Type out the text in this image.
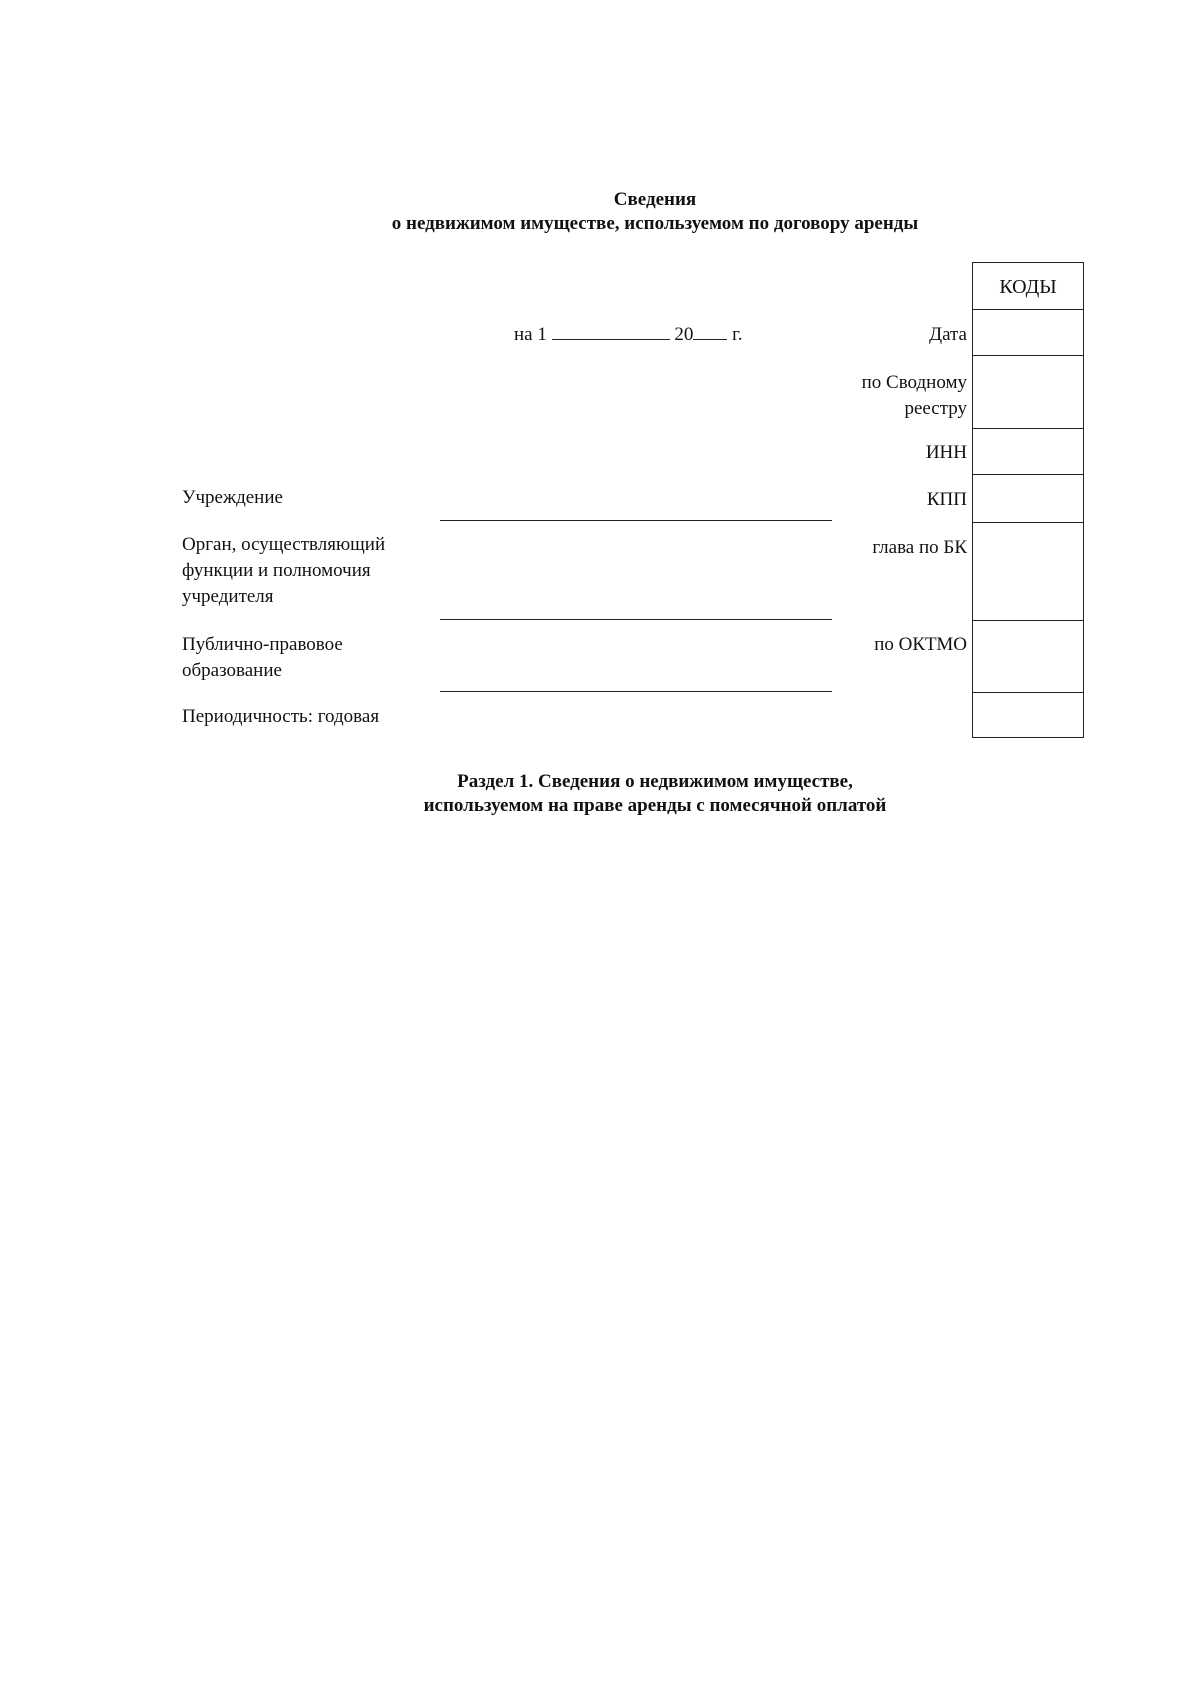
Сведения
о недвижимом имуществе, используемом по договору аренды
на 1	20 г.	Дата
по Сводному
реестру
ИНН
КПП
глава по БК
по ОКТМО
КОДЫ
Учреждение
Орган, осуществляющий
функции и полномочия
учредителя
Публично-правовое
образование
Периодичность: годовая
Раздел 1. Сведения о недвижимом имуществе,
используемом на праве аренды с помесячной оплатой
